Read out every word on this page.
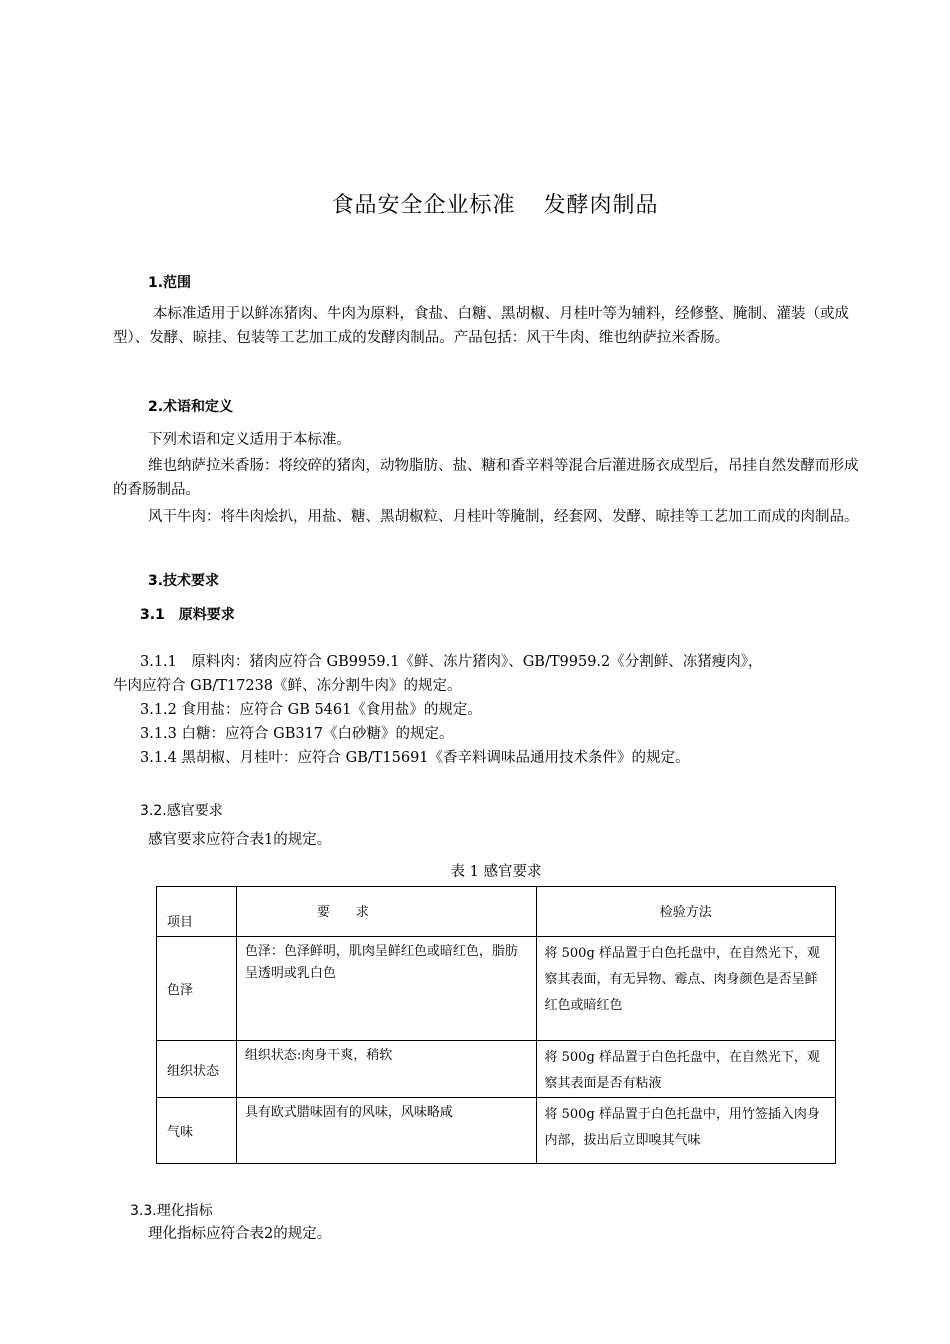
食品安全企业标准 发酵肉制品
1.范围
本标准适用于以鲜冻猪肉、牛肉为原料，食盐、白糖、黑胡椒、月桂叶等为辅料，经修整、腌制、灌装（或成型）、发酵、晾挂、包装等工艺加工成的发酵肉制品。产品包括：风干牛肉、维也纳萨拉米香肠。
2.术语和定义
下列术语和定义适用于本标准。
维也纳萨拉米香肠：将绞碎的猪肉，动物脂肪、盐、糖和香辛料等混合后灌进肠衣成型后，吊挂自然发酵而形成的香肠制品。
风干牛肉：将牛肉烩扒，用盐、糖、黑胡椒粒、月桂叶等腌制，经套网、发酵、晾挂等工艺加工而成的肉制品。
3.技术要求
3.1　原料要求
3.1.1　原料肉：猪肉应符合 GB9959.1《鲜、冻片猪肉》、GB/T9959.2《分割鲜、冻猪瘦肉》，
牛肉应符合 GB/T17238《鲜、冻分割牛肉》的规定。
3.1.2 食用盐：应符合 GB 5461《食用盐》的规定。
3.1.3 白糖：应符合 GB317《白砂糖》的规定。
3.1.4 黑胡椒、月桂叶：应符合 GB/T15691《香辛料调味品通用技术条件》的规定。
3.2.感官要求
感官要求应符合表1的规定。
表 1 感官要求
项目	要　　求	检验方法
色泽	色泽：色泽鲜明，肌肉呈鲜红色或暗红色，脂肪呈透明或乳白色	将 500g 样品置于白色托盘中，在自然光下，观察其表面，有无异物、霉点、肉身颜色是否呈鲜红色或暗红色
组织状态	组织状态:肉身干爽，稍软	将 500g 样品置于白色托盘中，在自然光下，观察其表面是否有粘液
气味	具有欧式腊味固有的风味，风味略咸	将 500g 样品置于白色托盘中，用竹签插入肉身内部，拔出后立即嗅其气味
3.3.理化指标
理化指标应符合表2的规定。
